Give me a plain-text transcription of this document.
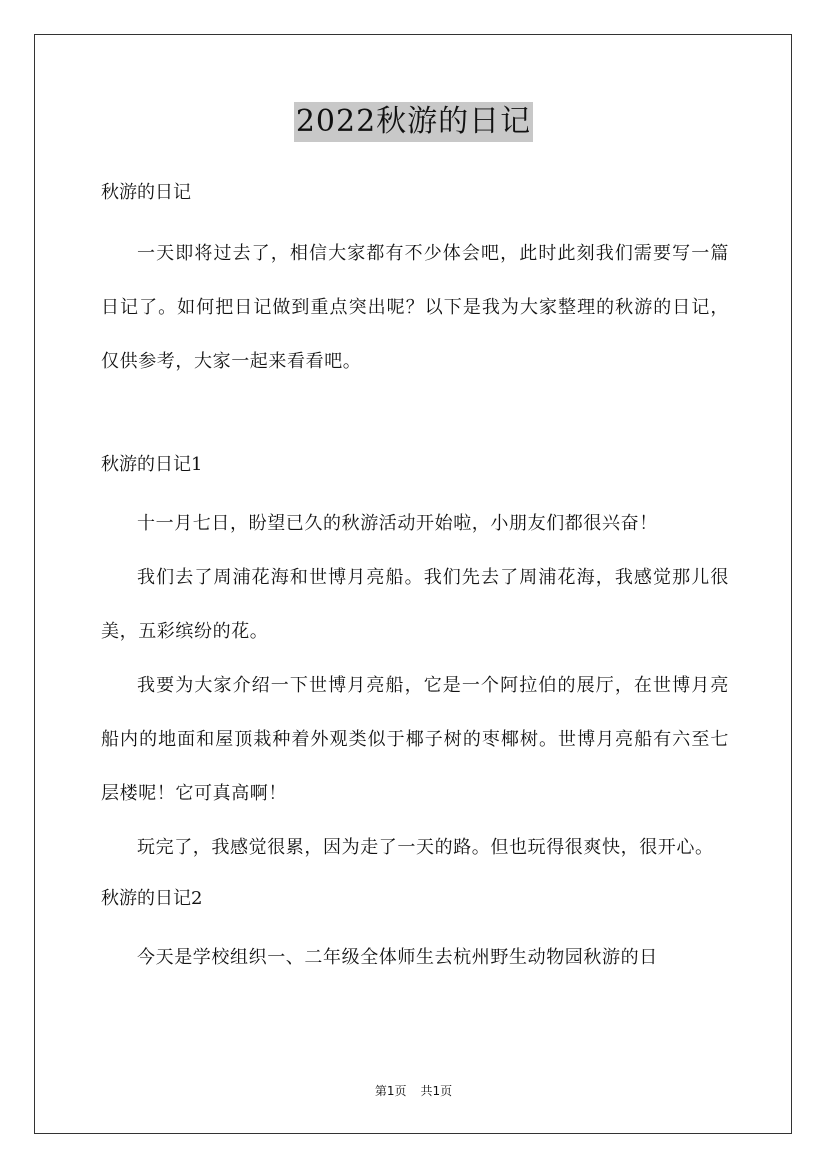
2022秋游的日记

秋游的日记

一天即将过去了，相信大家都有不少体会吧，此时此刻我们需要写一篇日记了。如何把日记做到重点突出呢？以下是我为大家整理的秋游的日记，仅供参考，大家一起来看看吧。

秋游的日记1

十一月七日，盼望已久的秋游活动开始啦，小朋友们都很兴奋！

我们去了周浦花海和世博月亮船。我们先去了周浦花海，我感觉那儿很美，五彩缤纷的花。

我要为大家介绍一下世博月亮船，它是一个阿拉伯的展厅，在世博月亮船内的地面和屋顶栽种着外观类似于椰子树的枣椰树。世博月亮船有六至七层楼呢！它可真高啊！

玩完了，我感觉很累，因为走了一天的路。但也玩得很爽快，很开心。

秋游的日记2

今天是学校组织一、二年级全体师生去杭州野生动物园秋游的日

第1页 共1页
